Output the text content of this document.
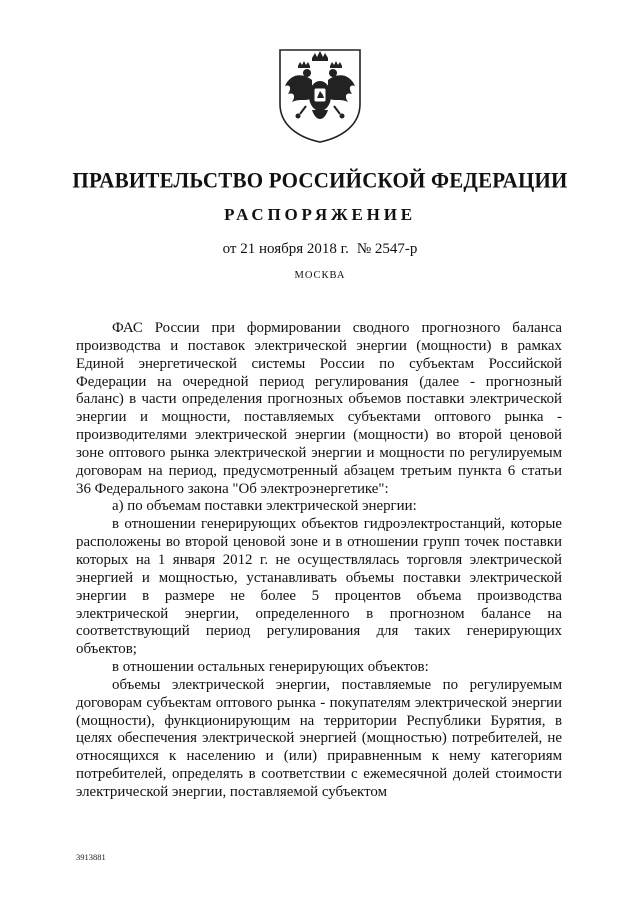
ПРАВИТЕЛЬСТВО РОССИЙСКОЙ ФЕДЕРАЦИИ
РАСПОРЯЖЕНИЕ

от 21 ноября 2018 г. № 2547-р

МОСКВА

ФАС России при формировании сводного прогнозного баланса производства и поставок электрической энергии (мощности) в рамках Единой энергетической системы России по субъектам Российской Федерации на очередной период регулирования (далее - прогнозный баланс) в части определения прогнозных объемов поставки электрической энергии и мощности, поставляемых субъектами оптового рынка - производителями электрической энергии (мощности) во второй ценовой зоне оптового рынка электрической энергии и мощности по регулируемым договорам на период, предусмотренный абзацем третьим пункта 6 статьи 36 Федерального закона "Об электроэнергетике":

а) по объемам поставки электрической энергии:

в отношении генерирующих объектов гидроэлектростанций, которые расположены во второй ценовой зоне и в отношении групп точек поставки которых на 1 января 2012 г. не осуществлялась торговля электрической энергией и мощностью, устанавливать объемы поставки электрической энергии в размере не более 5 процентов объема производства электрической энергии, определенного в прогнозном балансе на соответствующий период регулирования для таких генерирующих объектов;

в отношении остальных генерирующих объектов:

объемы электрической энергии, поставляемые по регулируемым договорам субъектам оптового рынка - покупателям электрической энергии (мощности), функционирующим на территории Республики Бурятия, в целях обеспечения электрической энергией (мощностью) потребителей, не относящихся к населению и (или) приравненным к нему категориям потребителей, определять в соответствии с ежемесячной долей стоимости электрической энергии, поставляемой субъектом

3913881
